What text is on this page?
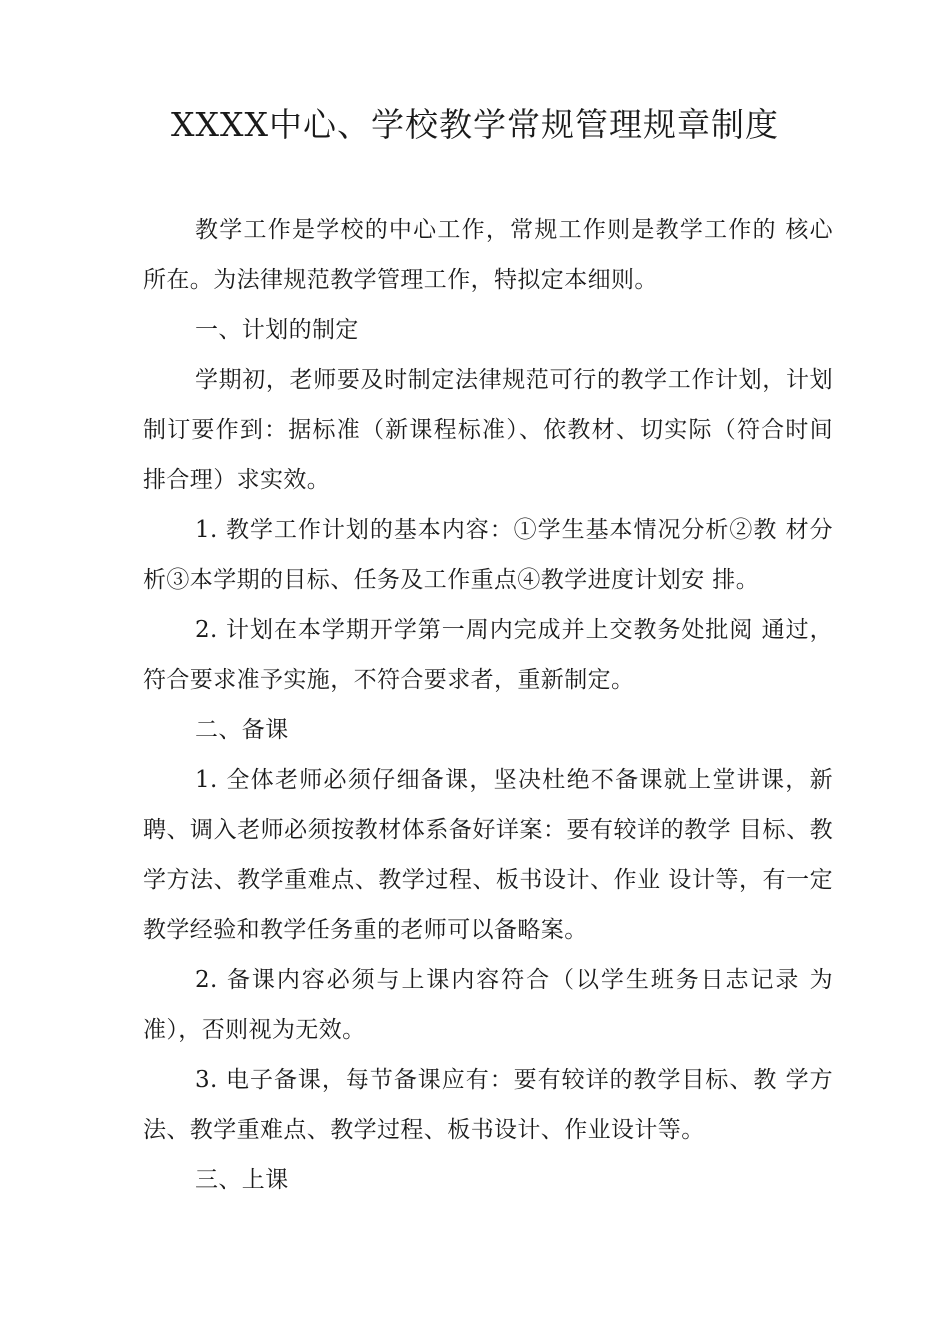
XXXX中心、学校教学常规管理规章制度

教学工作是学校的中心工作，常规工作则是教学工作的 核心所在。为法律规范教学管理工作，特拟定本细则。

一、计划的制定

学期初，老师要及时制定法律规范可行的教学工作计划，计划制订要作到：据标准（新课程标准）、依教材、切实际（符合时间排合理）求实效。

1. 教学工作计划的基本内容：①学生基本情况分析②教 材分析③本学期的目标、任务及工作重点④教学进度计划安 排。

2. 计划在本学期开学第一周内完成并上交教务处批阅 通过，符合要求准予实施，不符合要求者，重新制定。

二、备课

1. 全体老师必须仔细备课，坚决杜绝不备课就上堂讲课，新聘、调入老师必须按教材体系备好详案：要有较详的教学 目标、教学方法、教学重难点、教学过程、板书设计、作业 设计等，有一定教学经验和教学任务重的老师可以备略案。

2. 备课内容必须与上课内容符合（以学生班务日志记录 为准），否则视为无效。

3. 电子备课，每节备课应有：要有较详的教学目标、教 学方法、教学重难点、教学过程、板书设计、作业设计等。

三、上课
